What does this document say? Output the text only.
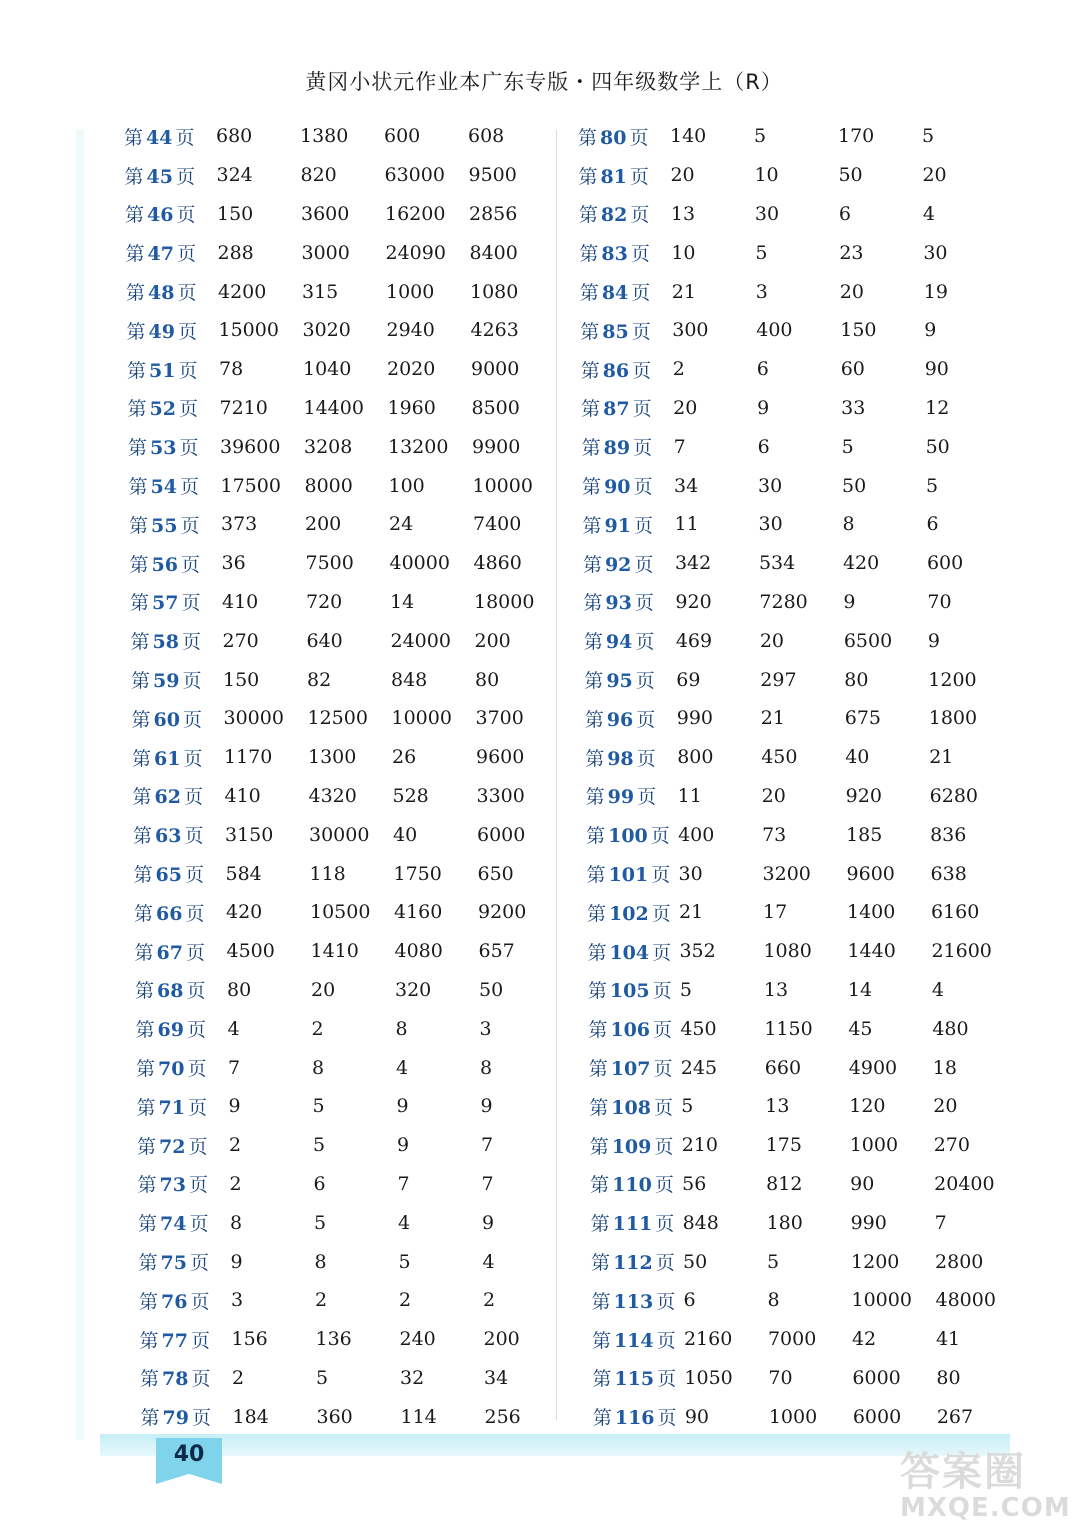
黄冈小状元作业本广东专版・四年级数学上（R）
第 44 页	680	1380	600	608
第 45 页	324	820	63000	9500
第 46 页	150	3600	16200	2856
第 47 页	288	3000	24090	8400
第 48 页	4200	315	1000	1080
第 49 页	15000	3020	2940	4263
第 51 页	78	1040	2020	9000
第 52 页	7210	14400	1960	8500
第 53 页	39600	3208	13200	9900
第 54 页	17500	8000	100	10000
第 55 页	373	200	24	7400
第 56 页	36	7500	40000	4860
第 57 页	410	720	14	18000
第 58 页	270	640	24000	200
第 59 页	150	82	848	80
第 60 页	30000	12500	10000	3700
第 61 页	1170	1300	26	9600
第 62 页	410	4320	528	3300
第 63 页	3150	30000	40	6000
第 65 页	584	118	1750	650
第 66 页	420	10500	4160	9200
第 67 页	4500	1410	4080	657
第 68 页	80	20	320	50
第 69 页	4	2	8	3
第 70 页	7	8	4	8
第 71 页	9	5	9	9
第 72 页	2	5	9	7
第 73 页	2	6	7	7
第 74 页	8	5	4	9
第 75 页	9	8	5	4
第 76 页	3	2	2	2
第 77 页	156	136	240	200
第 78 页	2	5	32	34
第 79 页	184	360	114	256
第 80 页	140	5	170	5
第 81 页	20	10	50	20
第 82 页	13	30	6	4
第 83 页	10	5	23	30
第 84 页	21	3	20	19
第 85 页	300	400	150	9
第 86 页	2	6	60	90
第 87 页	20	9	33	12
第 89 页	7	6	5	50
第 90 页	34	30	50	5
第 91 页	11	30	8	6
第 92 页	342	534	420	600
第 93 页	920	7280	9	70
第 94 页	469	20	6500	9
第 95 页	69	297	80	1200
第 96 页	990	21	675	1800
第 98 页	800	450	40	21
第 99 页	11	20	920	6280
第 100 页 400	73	185	836
第 101 页 30	3200	9600	638
第 102 页 21	17	1400	6160
第 104 页 352	1080	1440	21600
第 105 页 5	13	14	4
第 106 页 450	1150	45	480
第 107 页 245	660	4900	18
第 108 页 5	13	120	20
第 109 页 210	175	1000	270
第 110 页 56	812	90	20400
第 111 页 848	180	990	7
第 112 页 50	5	1200	2800
第 113 页 6	8	10000	48000
第 114 页 2160	7000	42	41
第 115 页 1050	70	6000	80
第 116 页 90	1000	6000	267
40	答案圈
MXQE.COM
